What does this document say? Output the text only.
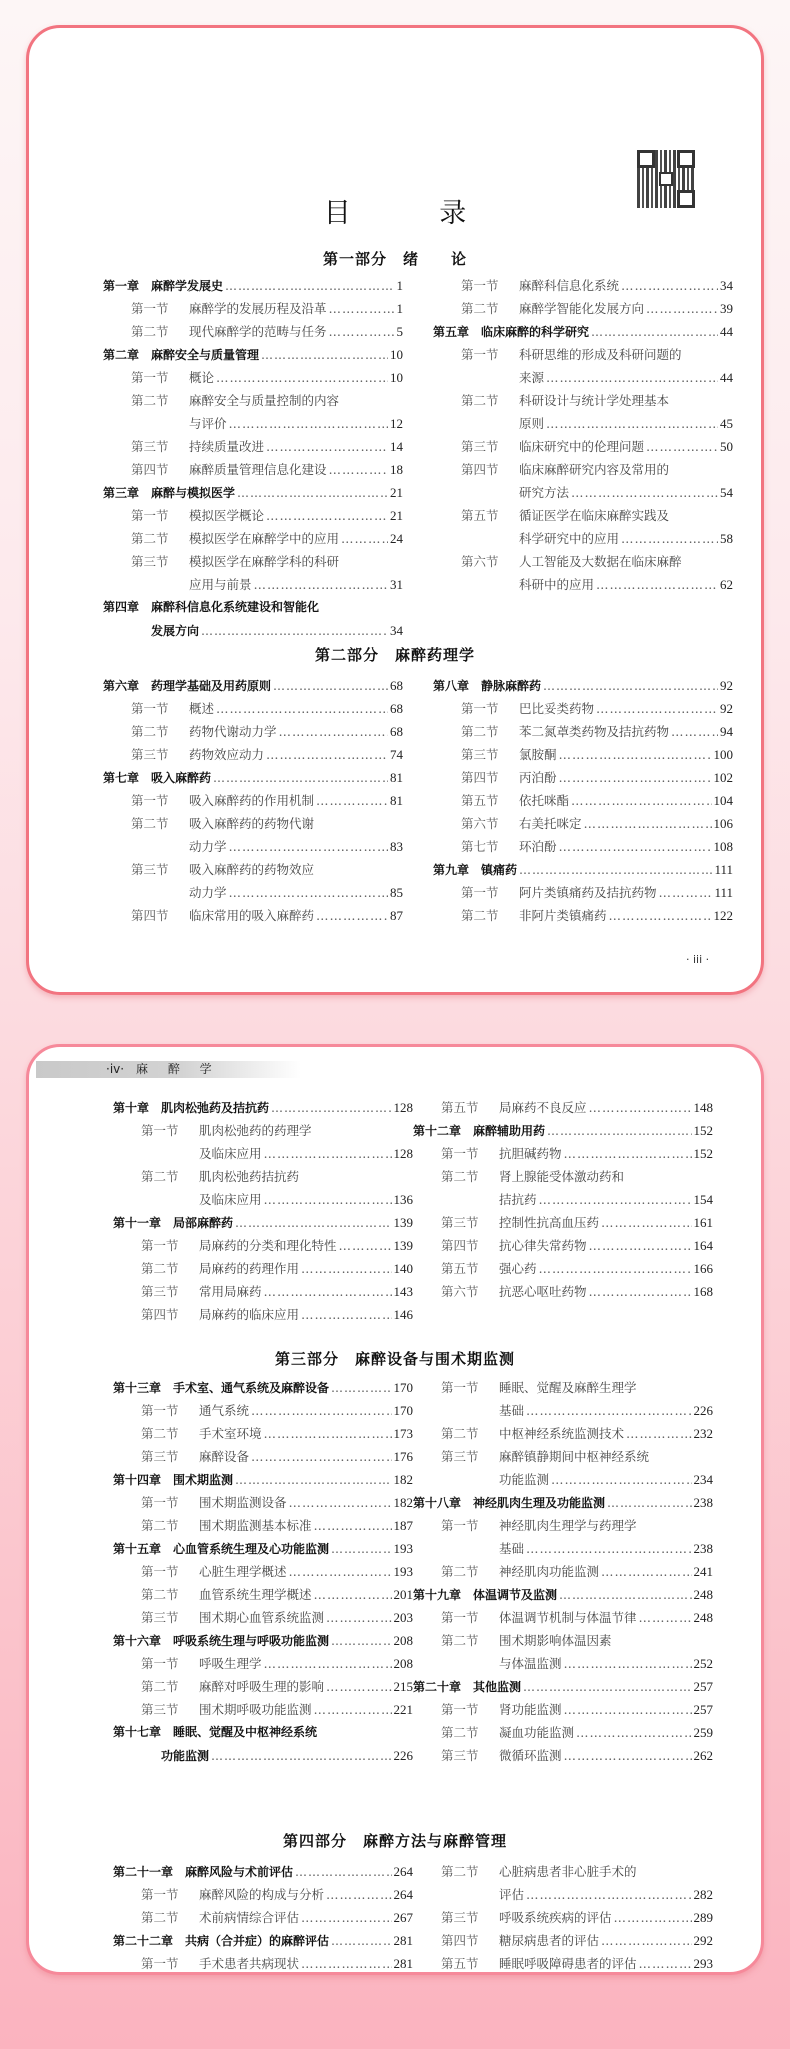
目 录
第一部分　绪　　论
第一章 麻醉学发展史 …………………………………………………………………………………………	1
第一节	麻醉学的发展历程及沿革 …………………………………………………………………………………………	1
第二节	现代麻醉学的范畴与任务 …………………………………………………………………………………………	5
第二章 麻醉安全与质量管理 …………………………………………………………………………………………	10
第一节	概论 …………………………………………………………………………………………	10
第二节	麻醉安全与质量控制的内容
与评价 …………………………………………………………………………………………	12
第三节	持续质量改进 …………………………………………………………………………………………	14
第四节	麻醉质量管理信息化建设 …………………………………………………………………………………………	18
第三章 麻醉与模拟医学 …………………………………………………………………………………………	21
第一节	模拟医学概论 …………………………………………………………………………………………	21
第二节	模拟医学在麻醉学中的应用 …………………………………………………………………………………………	24
第三节	模拟医学在麻醉学科的科研
应用与前景 …………………………………………………………………………………………	31
第四章 麻醉科信息化系统建设和智能化
发展方向 …………………………………………………………………………………………	34
第一节	麻醉科信息化系统 …………………………………………………………………………………………	34
第二节	麻醉学智能化发展方向 …………………………………………………………………………………………	39
第五章 临床麻醉的科学研究 …………………………………………………………………………………………	44
第一节	科研思维的形成及科研问题的
来源 …………………………………………………………………………………………	44
第二节	科研设计与统计学处理基本
原则 …………………………………………………………………………………………	45
第三节	临床研究中的伦理问题 …………………………………………………………………………………………	50
第四节	临床麻醉研究内容及常用的
研究方法 …………………………………………………………………………………………	54
第五节	循证医学在临床麻醉实践及
科学研究中的应用 …………………………………………………………………………………………	58
第六节	人工智能及大数据在临床麻醉
科研中的应用 …………………………………………………………………………………………	62
第二部分　麻醉药理学
第六章 药理学基础及用药原则 …………………………………………………………………………………………	68
第一节	概述 …………………………………………………………………………………………	68
第二节	药物代谢动力学 …………………………………………………………………………………………	68
第三节	药物效应动力 …………………………………………………………………………………………	74
第七章 吸入麻醉药 …………………………………………………………………………………………	81
第一节	吸入麻醉药的作用机制 …………………………………………………………………………………………	81
第二节	吸入麻醉药的药物代谢
动力学 …………………………………………………………………………………………	83
第三节	吸入麻醉药的药物效应
动力学 …………………………………………………………………………………………	85
第四节	临床常用的吸入麻醉药 …………………………………………………………………………………………	87
第八章 静脉麻醉药 …………………………………………………………………………………………	92
第一节	巴比妥类药物 …………………………………………………………………………………………	92
第二节	苯二氮䓬类药物及拮抗药物 …………………………………………………………………………………………	94
第三节	氯胺酮 …………………………………………………………………………………………	100
第四节	丙泊酚 …………………………………………………………………………………………	102
第五节	依托咪酯 …………………………………………………………………………………………	104
第六节	右美托咪定 …………………………………………………………………………………………	106
第七节	环泊酚 …………………………………………………………………………………………	108
第九章 镇痛药 …………………………………………………………………………………………	111
第一节	阿片类镇痛药及拮抗药物 …………………………………………………………………………………………	111
第二节	非阿片类镇痛药 …………………………………………………………………………………………	122
· iii ·
·iv· 麻 醉 学
第十章 肌肉松弛药及拮抗药 …………………………………………………………………………………………	128
第一节	肌肉松弛药的药理学
及临床应用 …………………………………………………………………………………………	128
第二节	肌肉松弛药拮抗药
及临床应用 …………………………………………………………………………………………	136
第十一章 局部麻醉药 …………………………………………………………………………………………	139
第一节	局麻药的分类和理化特性 …………………………………………………………………………………………	139
第二节	局麻药的药理作用 …………………………………………………………………………………………	140
第三节	常用局麻药 …………………………………………………………………………………………	143
第四节	局麻药的临床应用 …………………………………………………………………………………………	146
第五节	局麻药不良反应 …………………………………………………………………………………………	148
第十二章 麻醉辅助用药 …………………………………………………………………………………………	152
第一节	抗胆碱药物 …………………………………………………………………………………………	152
第二节	肾上腺能受体激动药和
拮抗药 …………………………………………………………………………………………	154
第三节	控制性抗高血压药 …………………………………………………………………………………………	161
第四节	抗心律失常药物 …………………………………………………………………………………………	164
第五节	强心药 …………………………………………………………………………………………	166
第六节	抗恶心呕吐药物 …………………………………………………………………………………………	168
第三部分　麻醉设备与围术期监测
第十三章 手术室、通气系统及麻醉设备 …………………………………………………………………………………………	170
第一节	通气系统 …………………………………………………………………………………………	170
第二节	手术室环境 …………………………………………………………………………………………	173
第三节	麻醉设备 …………………………………………………………………………………………	176
第十四章 围术期监测 …………………………………………………………………………………………	182
第一节	围术期监测设备 …………………………………………………………………………………………	182
第二节	围术期监测基本标准 …………………………………………………………………………………………	187
第十五章 心血管系统生理及心功能监测 …………………………………………………………………………………………	193
第一节	心脏生理学概述 …………………………………………………………………………………………	193
第二节	血管系统生理学概述 …………………………………………………………………………………………	201
第三节	围术期心血管系统监测 …………………………………………………………………………………………	203
第十六章 呼吸系统生理与呼吸功能监测 …………………………………………………………………………………………	208
第一节	呼吸生理学 …………………………………………………………………………………………	208
第二节	麻醉对呼吸生理的影响 …………………………………………………………………………………………	215
第三节	围术期呼吸功能监测 …………………………………………………………………………………………	221
第十七章 睡眠、觉醒及中枢神经系统
功能监测 …………………………………………………………………………………………	226
第一节	睡眠、觉醒及麻醉生理学
基础 …………………………………………………………………………………………	226
第二节	中枢神经系统监测技术 …………………………………………………………………………………………	232
第三节	麻醉镇静期间中枢神经系统
功能监测 …………………………………………………………………………………………	234
第十八章 神经肌肉生理及功能监测 …………………………………………………………………………………………	238
第一节	神经肌肉生理学与药理学
基础 …………………………………………………………………………………………	238
第二节	神经肌肉功能监测 …………………………………………………………………………………………	241
第十九章 体温调节及监测 …………………………………………………………………………………………	248
第一节	体温调节机制与体温节律 …………………………………………………………………………………………	248
第二节	围术期影响体温因素
与体温监测 …………………………………………………………………………………………	252
第二十章 其他监测 …………………………………………………………………………………………	257
第一节	肾功能监测 …………………………………………………………………………………………	257
第二节	凝血功能监测 …………………………………………………………………………………………	259
第三节	微循环监测 …………………………………………………………………………………………	262
第四部分　麻醉方法与麻醉管理
第二十一章 麻醉风险与术前评估 …………………………………………………………………………………………	264
第一节	麻醉风险的构成与分析 …………………………………………………………………………………………	264
第二节	术前病情综合评估 …………………………………………………………………………………………	267
第二十二章 共病（合并症）的麻醉评估 …………………………………………………………………………………………	281
第一节	手术患者共病现状 …………………………………………………………………………………………	281
第二节	心脏病患者非心脏手术的
评估 …………………………………………………………………………………………	282
第三节	呼吸系统疾病的评估 …………………………………………………………………………………………	289
第四节	糖尿病患者的评估 …………………………………………………………………………………………	292
第五节	睡眠呼吸障碍患者的评估 …………………………………………………………………………………………	293
